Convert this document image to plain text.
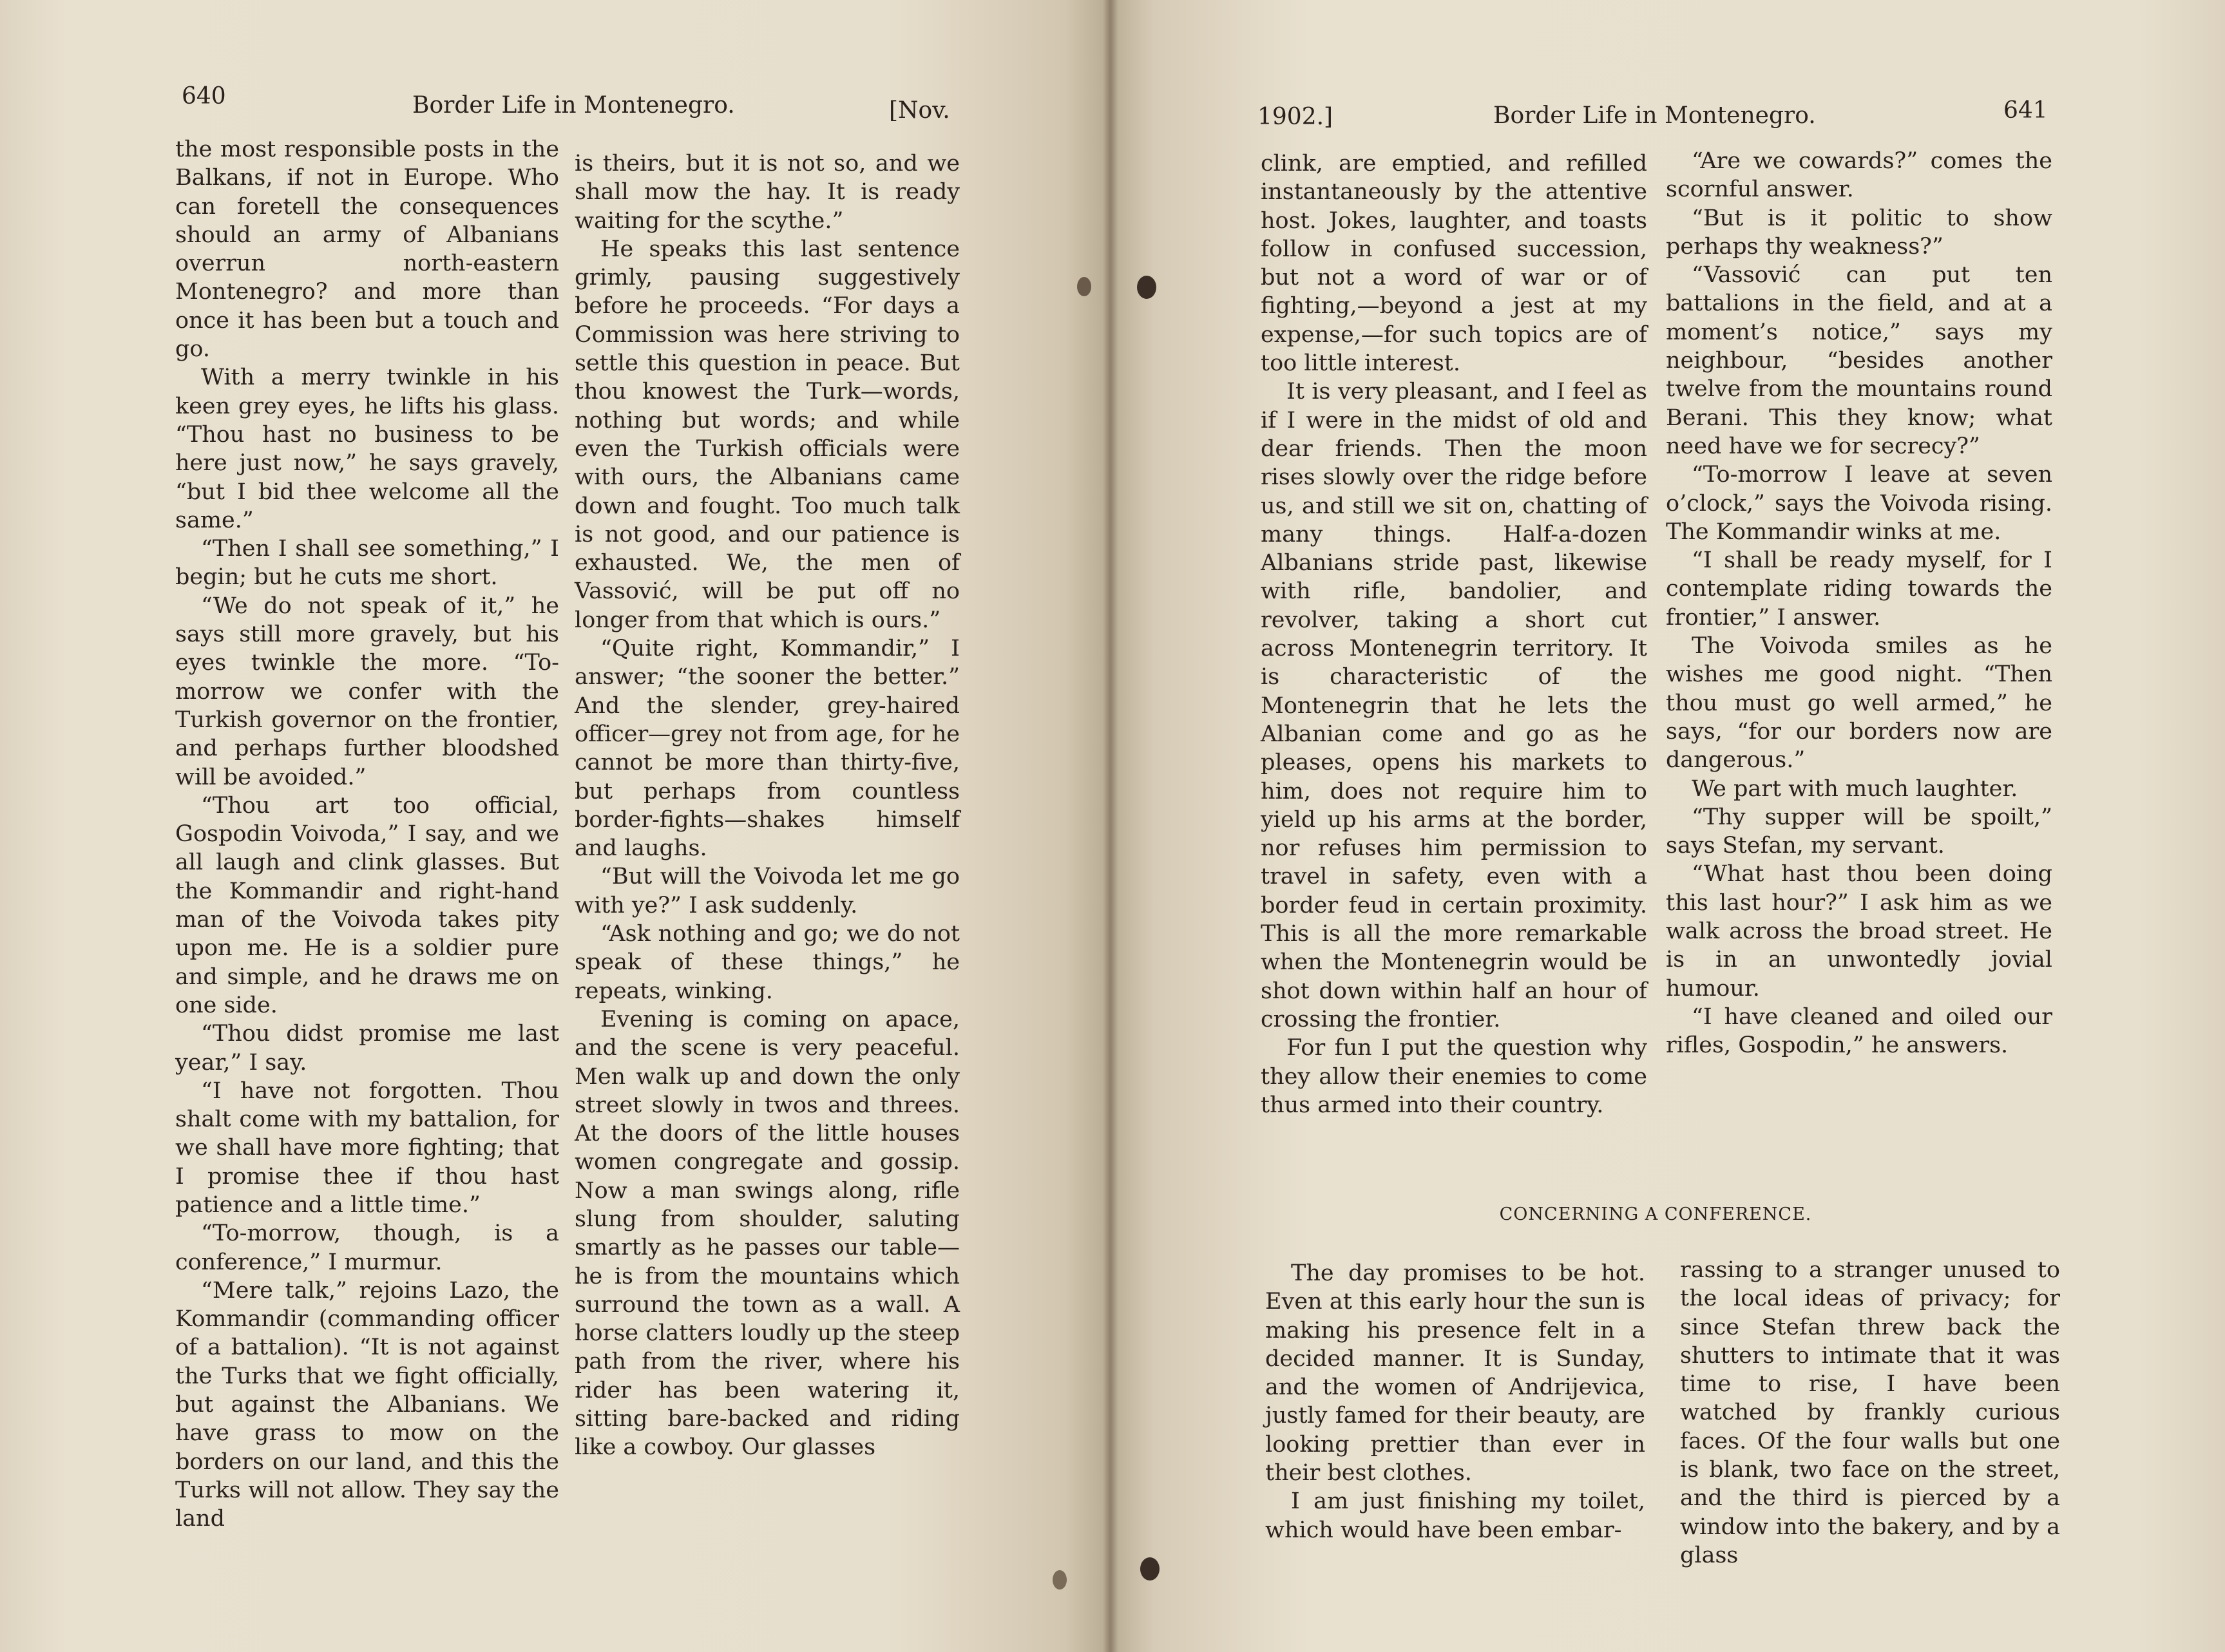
640	Border Life in Montenegro.	[Nov.

the most responsible posts in the Balkans, if not in Europe. Who can foretell the consequences should an army of Albanians overrun north-eastern Montenegro? and more than once it has been but a touch and go.

With a merry twinkle in his keen grey eyes, he lifts his glass. “Thou hast no business to be here just now,” he says gravely, “but I bid thee welcome all the same.”

“Then I shall see something,” I begin; but he cuts me short.

“We do not speak of it,” he says still more gravely, but his eyes twinkle the more. “To-morrow we confer with the Turkish governor on the frontier, and perhaps further bloodshed will be avoided.”

“Thou art too official, Gospodin Voivoda,” I say, and we all laugh and clink glasses. But the Kommandir and right-hand man of the Voivoda takes pity upon me. He is a soldier pure and simple, and he draws me on one side.

“Thou didst promise me last year,” I say.

“I have not forgotten. Thou shalt come with my battalion, for we shall have more fighting; that I promise thee if thou hast patience and a little time.”

“To-morrow, though, is a conference,” I murmur.

“Mere talk,” rejoins Lazo, the Kommandir (commanding officer of a battalion). “It is not against the Turks that we fight officially, but against the Albanians. We have grass to mow on the borders on our land, and this the Turks will not allow. They say the land

is theirs, but it is not so, and we shall mow the hay. It is ready waiting for the scythe.”

He speaks this last sentence grimly, pausing suggestively before he proceeds. “For days a Commission was here striving to settle this question in peace. But thou knowest the Turk—words, nothing but words; and while even the Turkish officials were with ours, the Albanians came down and fought. Too much talk is not good, and our patience is exhausted. We, the men of Vassović, will be put off no longer from that which is ours.”

“Quite right, Kommandir,” I answer; “the sooner the better.” And the slender, grey-haired officer—grey not from age, for he cannot be more than thirty-five, but perhaps from countless border-fights—shakes himself and laughs.

“But will the Voivoda let me go with ye?” I ask suddenly.

“Ask nothing and go; we do not speak of these things,” he repeats, winking.

Evening is coming on apace, and the scene is very peaceful. Men walk up and down the only street slowly in twos and threes. At the doors of the little houses women congregate and gossip. Now a man swings along, rifle slung from shoulder, saluting smartly as he passes our table—he is from the mountains which surround the town as a wall. A horse clatters loudly up the steep path from the river, where his rider has been watering it, sitting bare-backed and riding like a cowboy. Our glasses

1902.]	Border Life in Montenegro.	641

clink, are emptied, and refilled instantaneously by the attentive host. Jokes, laughter, and toasts follow in confused succession, but not a word of war or of fighting,—beyond a jest at my expense,—for such topics are of too little interest.

It is very pleasant, and I feel as if I were in the midst of old and dear friends. Then the moon rises slowly over the ridge before us, and still we sit on, chatting of many things. Half-a-dozen Albanians stride past, likewise with rifle, bandolier, and revolver, taking a short cut across Montenegrin territory. It is characteristic of the Montenegrin that he lets the Albanian come and go as he pleases, opens his markets to him, does not require him to yield up his arms at the border, nor refuses him permission to travel in safety, even with a border feud in certain proximity. This is all the more remarkable when the Montenegrin would be shot down within half an hour of crossing the frontier.

For fun I put the question why they allow their enemies to come thus armed into their country.

“Are we cowards?” comes the scornful answer.

“But is it politic to show perhaps thy weakness?”

“Vassović can put ten battalions in the field, and at a moment’s notice,” says my neighbour, “besides another twelve from the mountains round Berani. This they know; what need have we for secrecy?”

“To-morrow I leave at seven o’clock,” says the Voivoda rising. The Kommandir winks at me.

“I shall be ready myself, for I contemplate riding towards the frontier,” I answer.

The Voivoda smiles as he wishes me good night. “Then thou must go well armed,” he says, “for our borders now are dangerous.”

We part with much laughter.

“Thy supper will be spoilt,” says Stefan, my servant.

“What hast thou been doing this last hour?” I ask him as we walk across the broad street. He is in an unwontedly jovial humour.

“I have cleaned and oiled our rifles, Gospodin,” he answers.

The day promises to be hot. Even at this early hour the sun is making his presence felt in a decided manner. It is Sunday, and the women of Andrijevica, justly famed for their beauty, are looking prettier than ever in their best clothes.

I am just finishing my toilet, which would have been embar-

rassing to a stranger unused to the local ideas of privacy; for since Stefan threw back the shutters to intimate that it was time to rise, I have been watched by frankly curious faces. Of the four walls but one is blank, two face on the street, and the third is pierced by a window into the bakery, and by a glass

CONCERNING A CONFERENCE.
